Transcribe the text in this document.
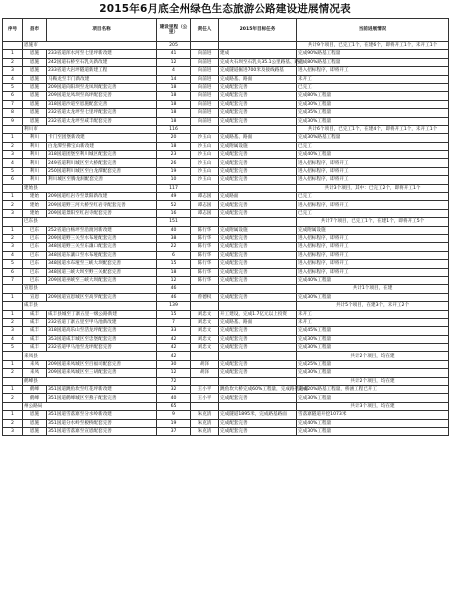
2015年6月底全州绿色生态旅游公路建设进展情况表
序号	县市	项目名称	建设里程（公里）	责任人	2015年目标任务	当前进展情况
	恩施市		205			共计9个项目，已完工1个，在建6个，即将开工1个，未开工1个
1	恩施	233省道浑水河至七里坪新改建	41	向前进	建成	完成90%路基工程量
2	恩施	242国道石桥至石乳关新改建	12	向前进	完成火石坝至石乳关35.1公里路基、路面	完成80%路基工程量
3	恩施	233省道大岩坪隧道新建工程	4	向前进	完成隧道掘进700米及接线路基	进入招标程序，即将开工
4	恩施	马鞍龙至丰门新改建	14	向前进	完成路基、路面	未开工
5	恩施	209国道向阳坝至龙凤坝配套完善	18	向前进	完成配套完善	已完工
6	恩施	209国道龙凤坝至高坪配套完善	18	向前进	完成配套完善	完成80%工程量
7	恩施	318国道沙道至恩施配套完善	18	向前进	完成配套完善	完成30%工程量
8	恩施	232省道太龙坪至七里坪配套完善	18	向前进	完成配套完善	完成35%工程量
9	恩施	232省道太龙坪至咸丰配套完善	18	向前进	完成配套完善	完成30%工程量
	利川市		116			共计6个项目，已完工1个，在建4个，即将开工1个，未开工1个
1	利川	卡门至团堡新改建	20	沙玉山	完成路基、路面	完成30%路基工程量
2	利川	白龙潭至佛宝山新改建	18	沙玉山	完成附属设施	已完工
3	利川	318国道团堡至利川城区配套完善	23	沙玉山	完成配套完善	完成40%工程量
4	利川	249省道利川城区至大桥配套完善	26	沙玉山	完成配套完善	进入招标程序，即将开工
5	利川	250国道利川城区至白龙潭配套完善	19	沙玉山	完成配套完善	进入招标程序，即将开工
6	利川	利川城区至腾龙洞配套完善	10	沙玉山	完成配套完善	进入招标程序，即将开工
	建始县		117			共计3个项目，其中：已完工2个，即将开工1个
1	建始	209国道红岩寺至景阳新改建	49	谭志国	完成路面	已完工
2	建始	209国道野三河大桥至红岩寺配套完善	52	谭志国	完成配套完善	进入招标程序，即将开工
3	建始	209国道景阳至红岩寺配套完善	16	谭志国	完成配套完善	已完工
	巴东县		151			共计7个项目，已完工1个，在建1个，即将开工5个
1	巴东	252省道白杨坪至沿渡河新改建	40	陈行华	完成附属设施	完成附属设施
2	巴东	209国道野三关至水布垭配套完善	38	陈行华	完成配套完善	进入招标程序，即将开工
3	巴东	348国道野三关至东瀼口配套完善	22	陈行华	完成配套完善	进入招标程序，即将开工
4	巴东	348国道东瀼口至水布垭配套完善	6	陈行华	完成配套完善	进入招标程序，即将开工
5	巴东	348国道水布垭至三峡大坝配套完善	15	陈行华	完成配套完善	进入招标程序，即将开工
6	巴东	348国道三峡大坝至野三关配套完善	18	陈行华	完成配套完善	进入招标程序，即将开工
7	巴东	209国道巫峡至三峡大坝配套完善	12	陈行华	完成配套完善	完成40%工程量
	宣恩县		46			共计1个项目，在建
1	宣恩	209国道宣恩城区至高罗配套完善	46	曾德权	完成配套完善	完成30%工程量
	咸丰县		139			共计5个项目，在建3个，未开工2个
1	咸丰	咸丰县城至丁寨五里一级公路新建	15	刘忠文	开工建设，完成1.7亿元以上投资	未开工
2	咸丰	232省道丁寨五里至甲马池新改建	7	刘忠文	完成路基、路面	未开工
3	咸丰	318国道高乐山至活龙坪配套完善	33	刘忠文	完成配套完善	完成45%工程量
4	咸丰	353国道咸丰城区至忠堡配套完善	42	刘忠文	完成配套完善	完成30%工程量
5	咸丰	232省道甲马池至龙坪配套完善	42	刘忠文	完成配套完善	完成30%工程量
	来凤县		42			共计2个项目，均在建
1	来凤	209国道来凤城区至百福司配套完善	30	胡泽	完成配套完善	完成25%工程量
2	来凤	209国道来凤城区至三胡配套完善	12	胡泽	完成配套完善	完成30%工程量
	鹤峰县		72			共计2个项目，均在建
1	鹤峰	351国道跳鱼坎至红花坪新改建	32	王小平	跳鱼坎大桥完成60%工程量，完成路基路面	完成20%路基工程量，桥涵工程已开工
2	鹤峰	351国道鹤峰城区至燕子配套完善	40	王小平	完成配套完善	完成30%工程量
	州公路局		65			共计3个项目，均在建
1	恩施	351国道雪落寨至分水岭新改建	9	朱克清	完成隧道1895米，完成路基路面	雪落寨隧道开挖1073米
2	恩施	351国道分水岭至板桥配套完善	19	朱克清	完成配套完善	完成40%工程量
3	恩施	351国道雪落寨至宣恩配套完善	37	朱克清	完成配套完善	完成30%工程量
